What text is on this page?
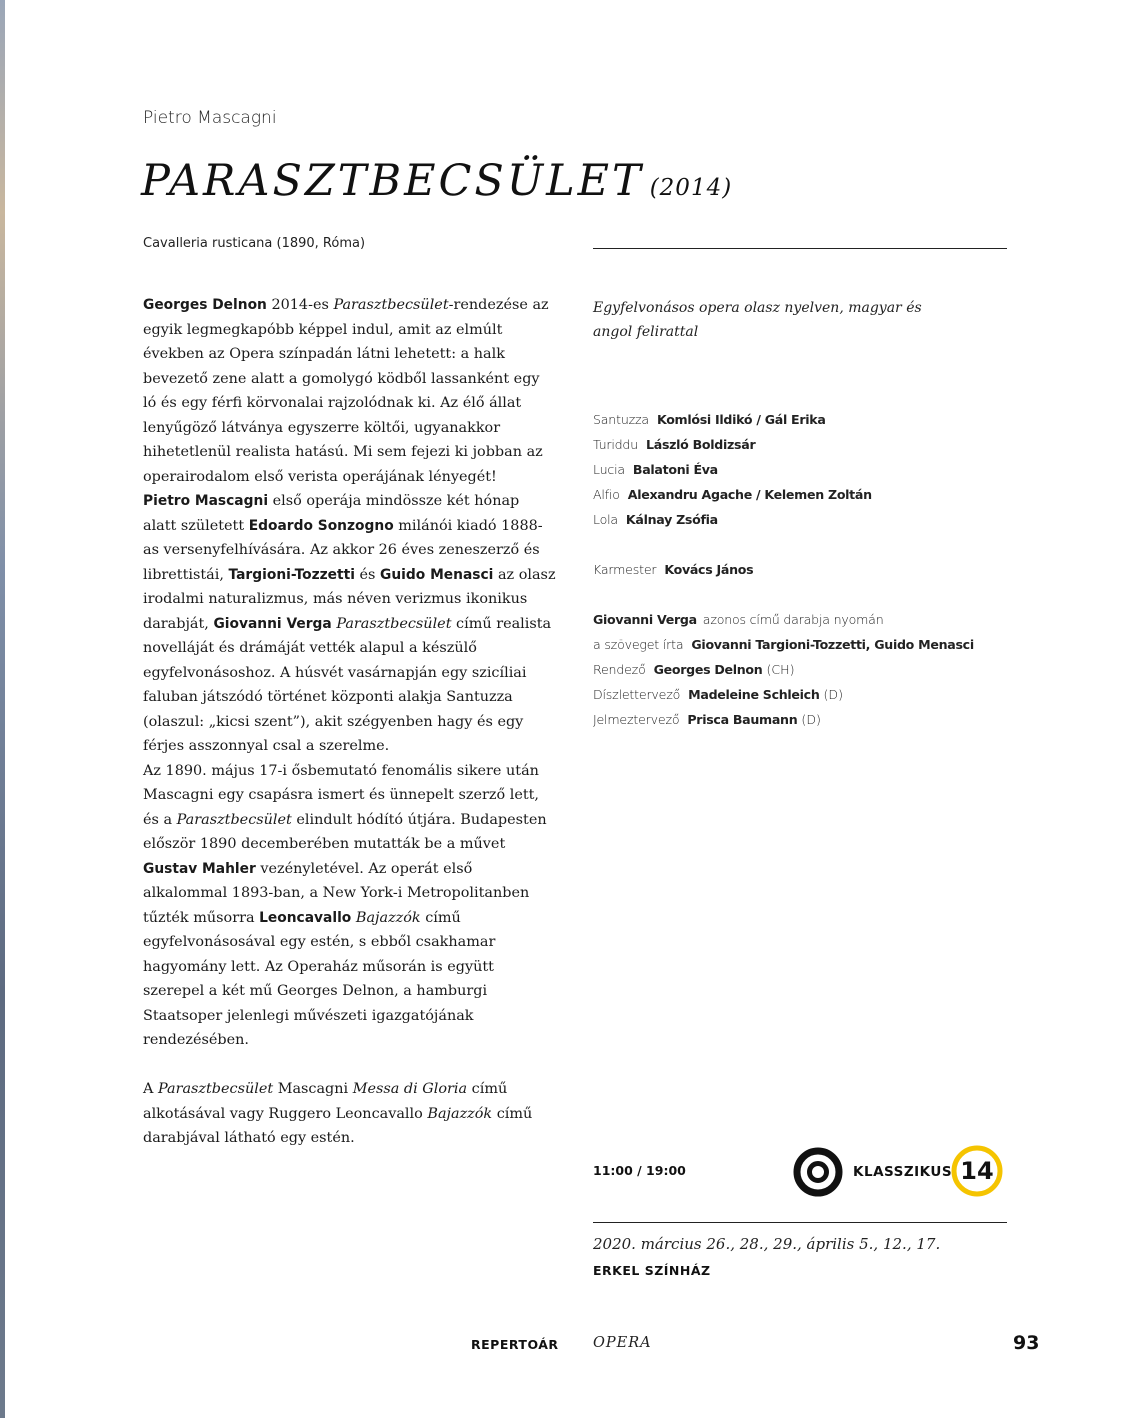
Pietro Mascagni
PARASZTBECSÜLET (2014)
Cavalleria rusticana (1890, Róma)

Georges Delnon 2014-es Parasztbecsület-rendezése az egyik legmegkapóbb képpel indul, amit az elmúlt években az Opera színpadán látni lehetett: a halk bevezető zene alatt a gomolygó ködből lassanként egy ló és egy férfi körvonalai rajzolódnak ki. Az élő állat lenyűgöző látványa egyszerre költői, ugyanakkor hihetetlenül realista hatású. Mi sem fejezi ki jobban az operairodalom első verista operájának lényegét!

Pietro Mascagni első operája mindössze két hónap alatt született Edoardo Sonzogno milánói kiadó 1888-as versenyfelhívására. Az akkor 26 éves zeneszerző és librettistái, Targioni-Tozzetti és Guido Menasci az olasz irodalmi naturalizmus, más néven verizmus ikonikus darabját, Giovanni Verga Parasztbecsület című realista novelláját és drámáját vették alapul a készülő egyfelvonásoshoz. A húsvét vasárnapján egy szicíliai faluban játszódó történet központi alakja Santuzza (olaszul: „kicsi szent”), akit szégyenben hagy és egy férjes asszonnyal csal a szerelme.

Az 1890. május 17-i ősbemutató fenomális sikere után Mascagni egy csapásra ismert és ünnepelt szerző lett, és a Parasztbecsület elindult hódító útjára. Budapesten először 1890 decemberében mutatták be a művet Gustav Mahler vezényletével. Az operát első alkalommal 1893-ban, a New York-i Metropolitanben tűzték műsorra Leoncavallo Bajazzók című egyfelvonásosával egy estén, s ebből csakhamar hagyomány lett. Az Operaház műsorán is együtt szerepel a két mű Georges Delnon, a hamburgi Staatsoper jelenlegi művészeti igazgatójának rendezésében.

A Parasztbecsület Mascagni Messa di Gloria című alkotásával vagy Ruggero Leoncavallo Bajazzók című darabjával látható egy estén.

Egyfelvonásos opera olasz nyelven, magyar és angol felirattal
Santuzza Komlósi Ildikó / Gál Erika
Turiddu László Boldizsár
Lucia Balatoni Éva
Alfio Alexandru Agache / Kelemen Zoltán
Lola Kálnay Zsófia
Karmester Kovács János
Giovanni Verga azonos című darabja nyomán
a szöveget írta Giovanni Targioni-Tozzetti, Guido Menasci
Rendező Georges Delnon (CH)
Díszlettervező Madeleine Schleich (D)
Jelmeztervező Prisca Baumann (D)
11:00 / 19:00	KLASSZIKUS 14
2020. március 26., 28., 29., április 5., 12., 17.
ERKEL SZÍNHÁZ
REPERTOÁR OPERA	93
